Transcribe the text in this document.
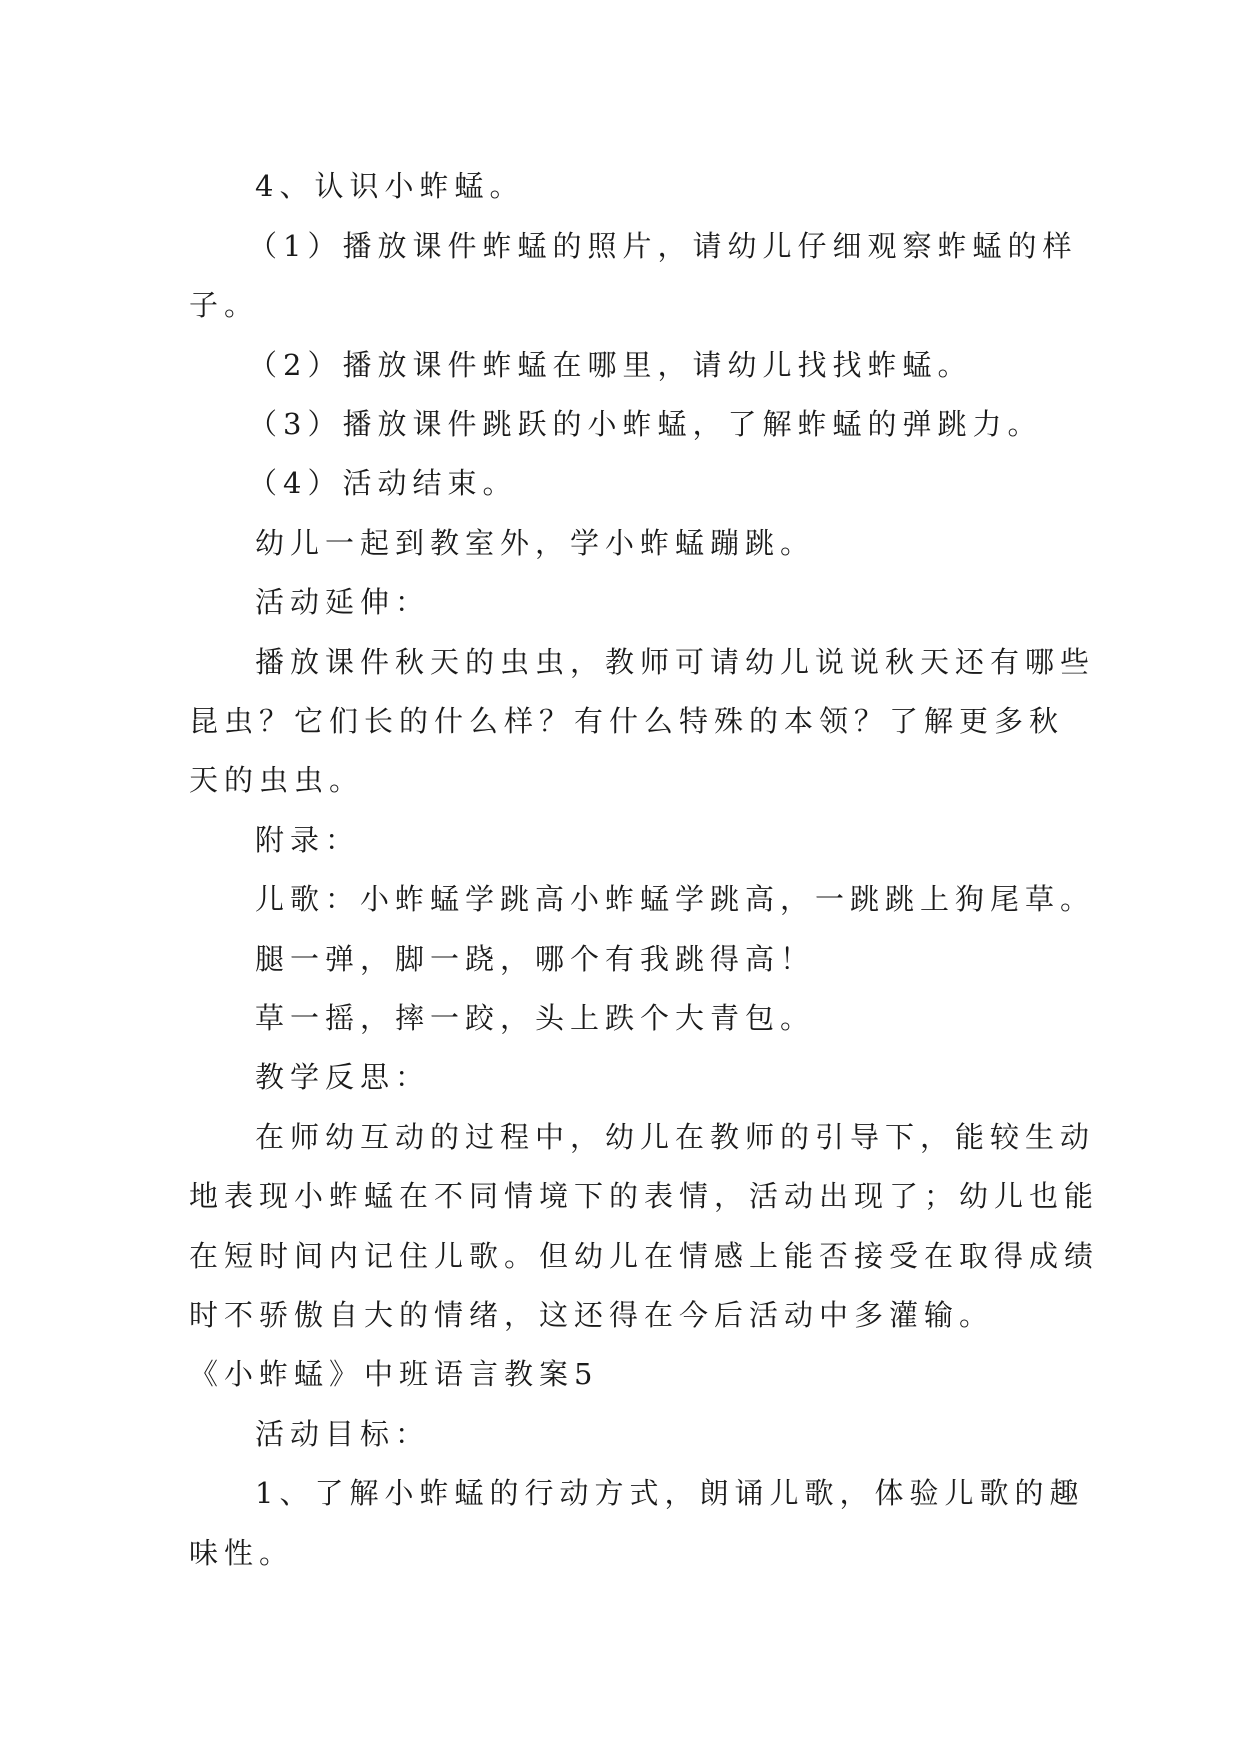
4、认识小蚱蜢。
（1）播放课件蚱蜢的照片，请幼儿仔细观察蚱蜢的样
子。
（2）播放课件蚱蜢在哪里，请幼儿找找蚱蜢。
（3）播放课件跳跃的小蚱蜢，了解蚱蜢的弹跳力。
（4）活动结束。
幼儿一起到教室外，学小蚱蜢蹦跳。
活动延伸：
播放课件秋天的虫虫，教师可请幼儿说说秋天还有哪些
昆虫？它们长的什么样？有什么特殊的本领？了解更多秋
天的虫虫。
附录：
儿歌：小蚱蜢学跳高小蚱蜢学跳高，一跳跳上狗尾草。
腿一弹，脚一跷，哪个有我跳得高！
草一摇，摔一跤，头上跌个大青包。
教学反思：
在师幼互动的过程中，幼儿在教师的引导下，能较生动
地表现小蚱蜢在不同情境下的表情，活动出现了；幼儿也能
在短时间内记住儿歌。但幼儿在情感上能否接受在取得成绩
时不骄傲自大的情绪，这还得在今后活动中多灌输。
《小蚱蜢》中班语言教案5
活动目标：
1、了解小蚱蜢的行动方式，朗诵儿歌，体验儿歌的趣
味性。
